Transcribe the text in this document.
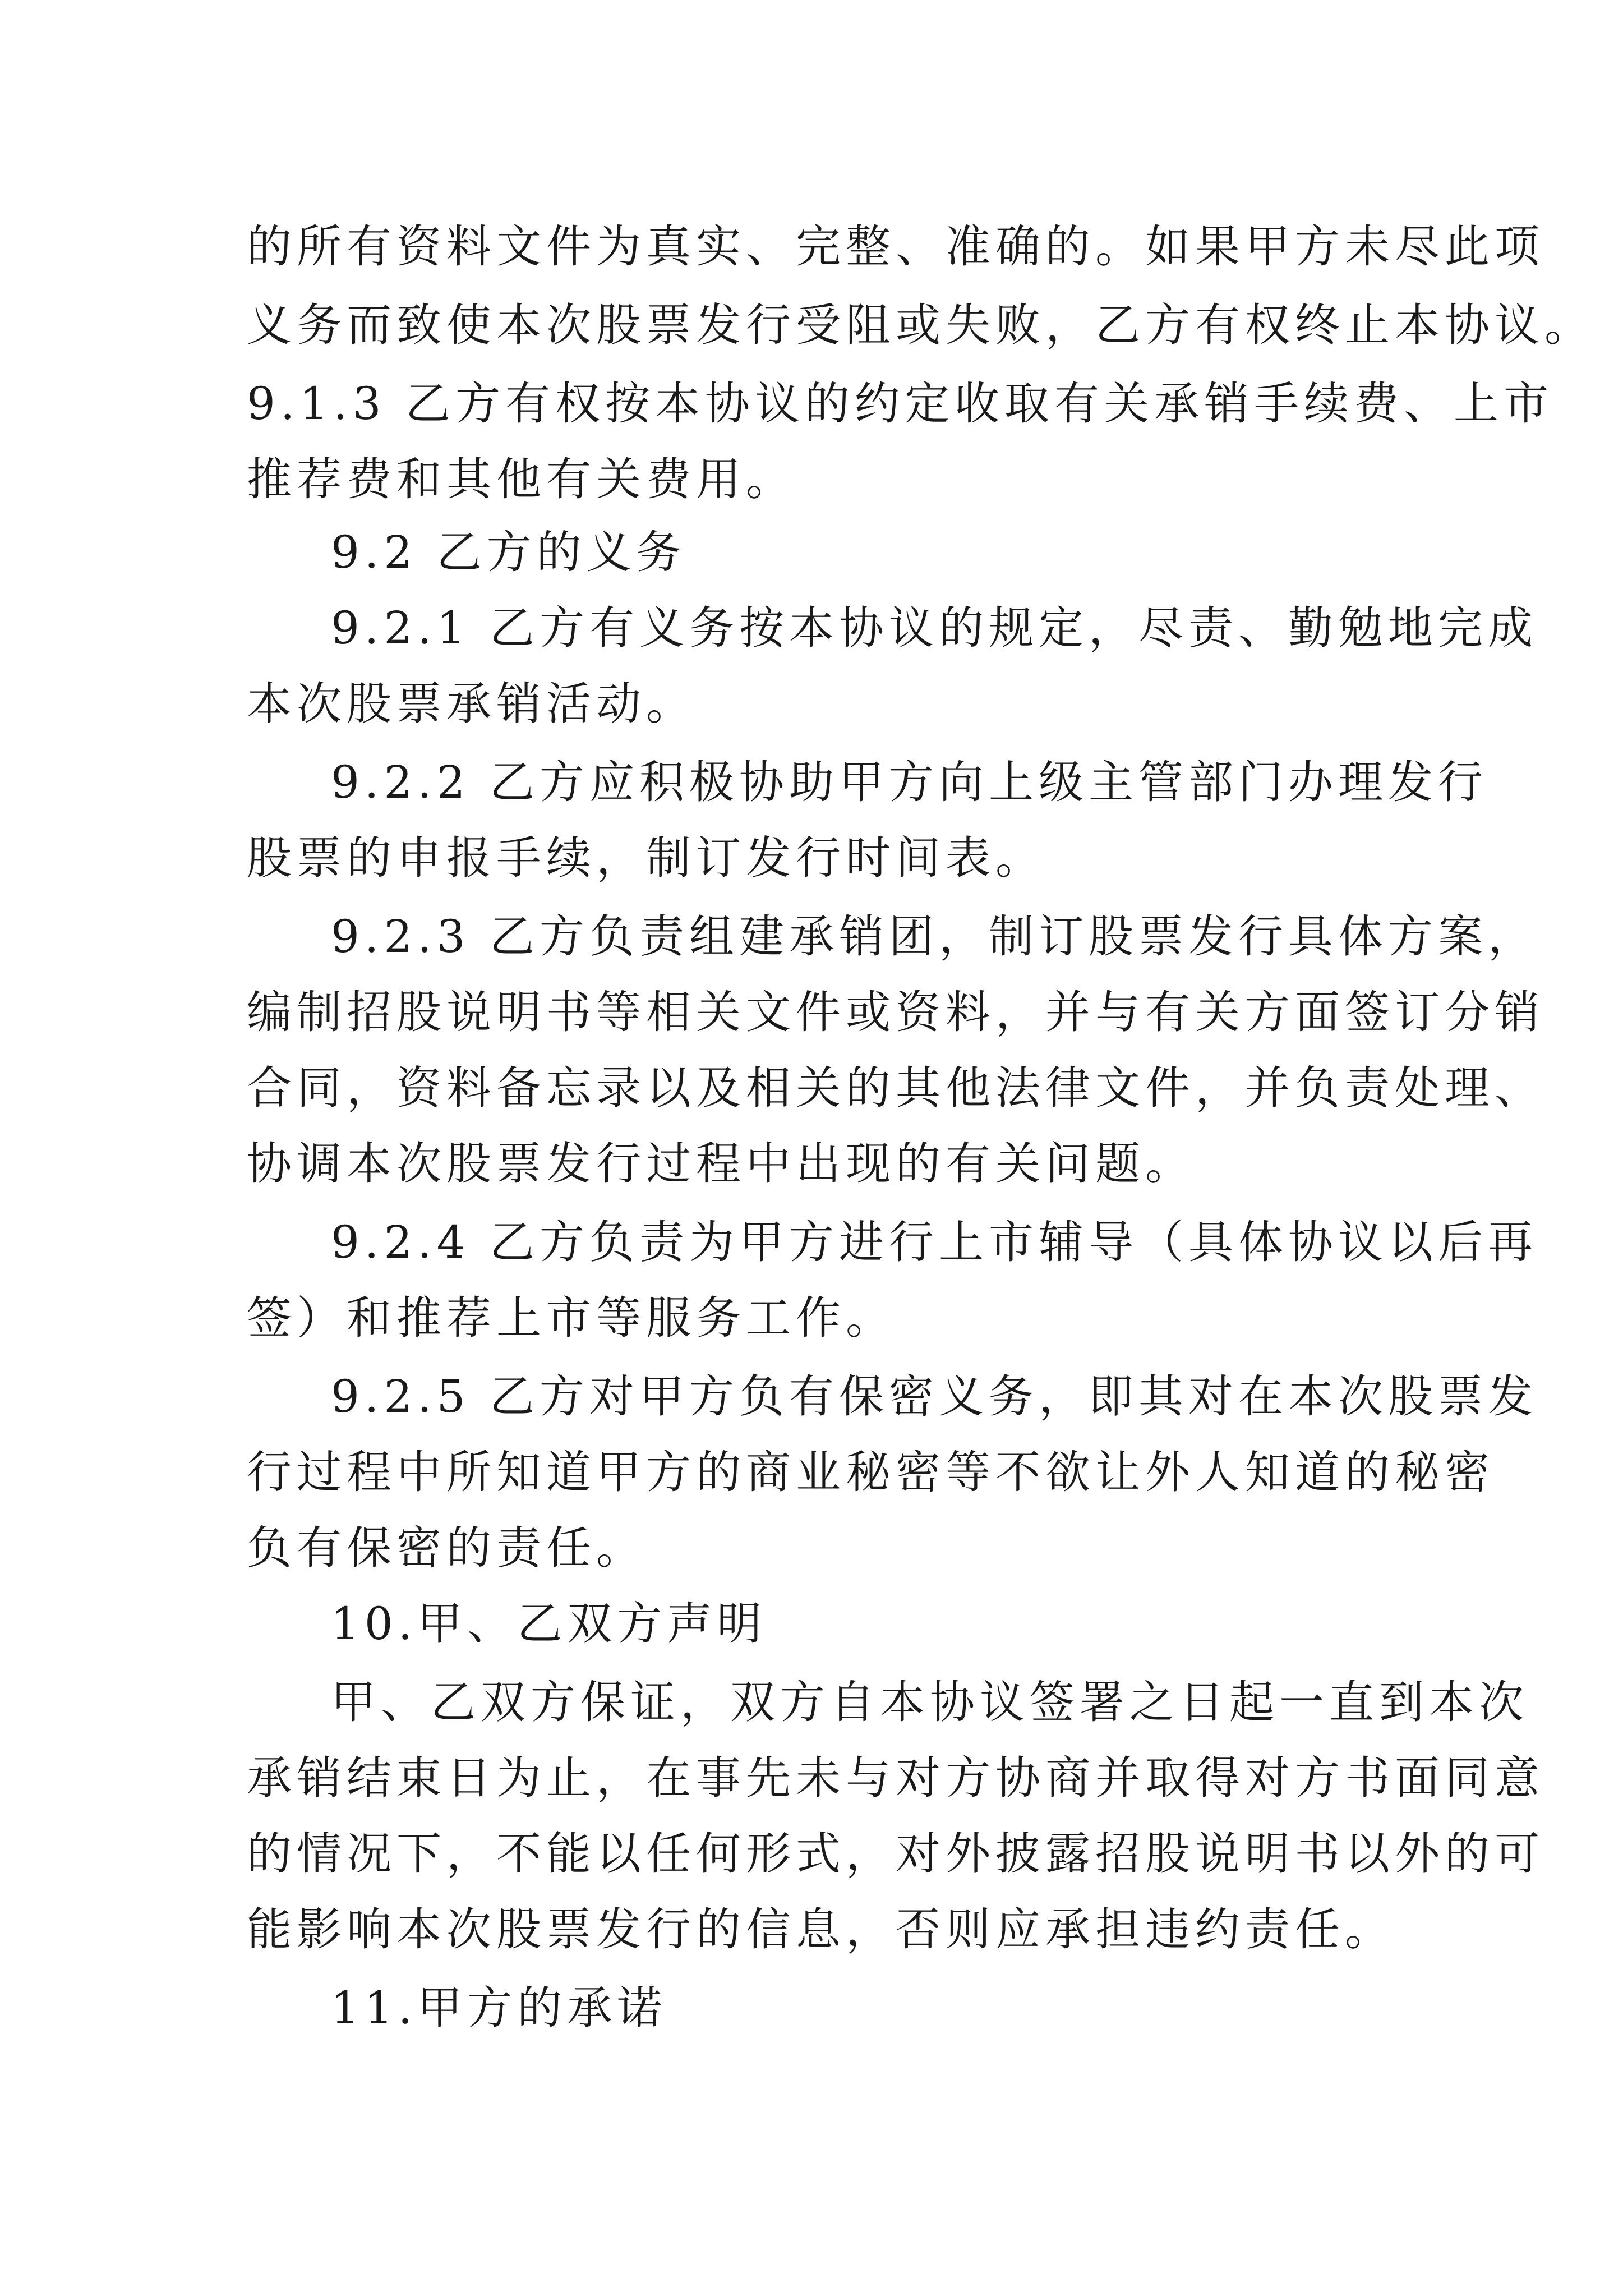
的所有资料文件为真实、完整、准确的。如果甲方未尽此项
义务而致使本次股票发行受阻或失败，乙方有权终止本协议。
9.1.3 乙方有权按本协议的约定收取有关承销手续费、上市
推荐费和其他有关费用。
9.2 乙方的义务
9.2.1 乙方有义务按本协议的规定，尽责、勤勉地完成
本次股票承销活动。
9.2.2 乙方应积极协助甲方向上级主管部门办理发行
股票的申报手续，制订发行时间表。
9.2.3 乙方负责组建承销团，制订股票发行具体方案，
编制招股说明书等相关文件或资料，并与有关方面签订分销
合同，资料备忘录以及相关的其他法律文件，并负责处理、
协调本次股票发行过程中出现的有关问题。
9.2.4 乙方负责为甲方进行上市辅导（具体协议以后再
签）和推荐上市等服务工作。
9.2.5 乙方对甲方负有保密义务，即其对在本次股票发
行过程中所知道甲方的商业秘密等不欲让外人知道的秘密
负有保密的责任。
10.甲、乙双方声明
甲、乙双方保证，双方自本协议签署之日起一直到本次
承销结束日为止，在事先未与对方协商并取得对方书面同意
的情况下，不能以任何形式，对外披露招股说明书以外的可
能影响本次股票发行的信息，否则应承担违约责任。
11.甲方的承诺
